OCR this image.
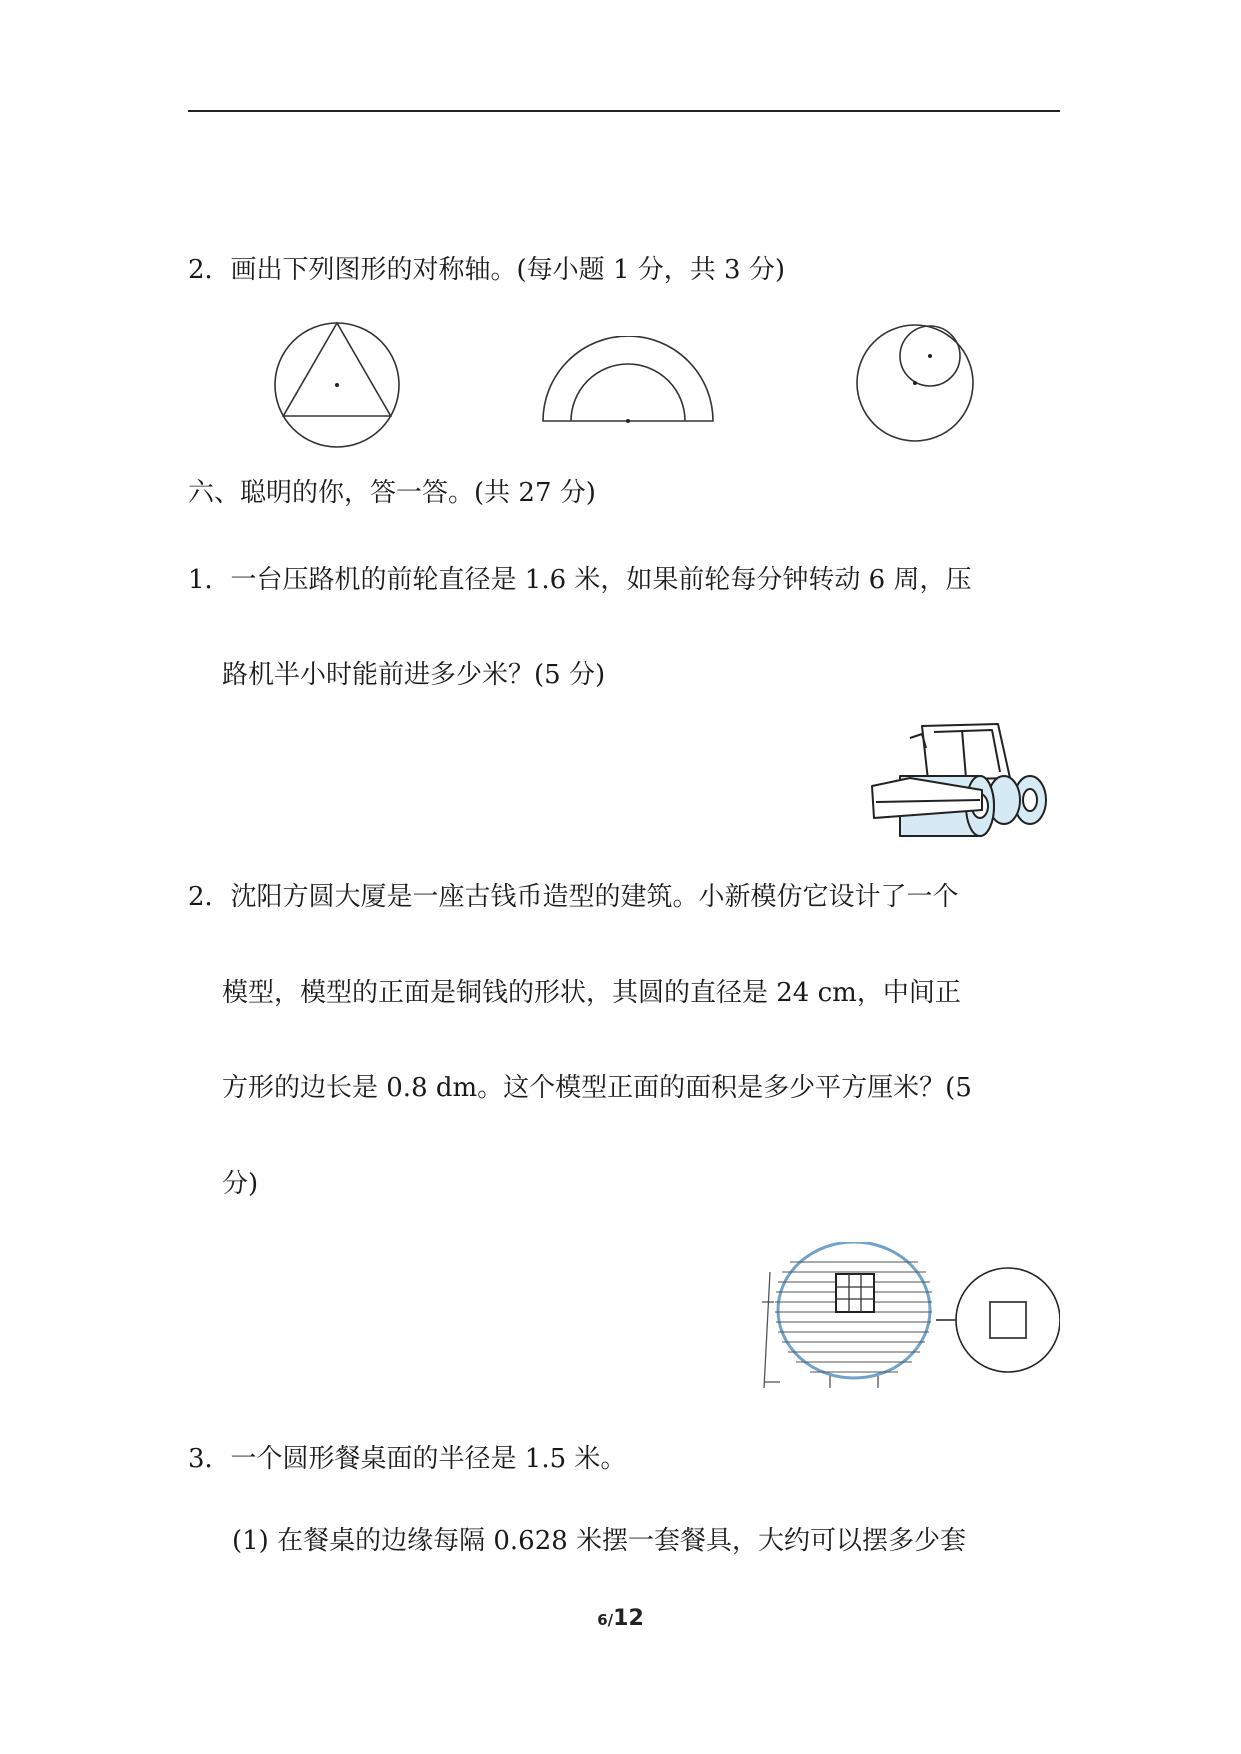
2．画出下列图形的对称轴。(每小题 1 分，共 3 分)
六、聪明的你，答一答。(共 27 分)
1．一台压路机的前轮直径是 1.6 米，如果前轮每分钟转动 6 周，压
路机半小时能前进多少米？(5 分)
2．沈阳方圆大厦是一座古钱币造型的建筑。小新模仿它设计了一个
模型，模型的正面是铜钱的形状，其圆的直径是 24 cm，中间正
方形的边长是 0.8 dm。这个模型正面的面积是多少平方厘米？(5
分)
3．一个圆形餐桌面的半径是 1.5 米。
(1) 在餐桌的边缘每隔 0.628 米摆一套餐具，大约可以摆多少套
6/12
